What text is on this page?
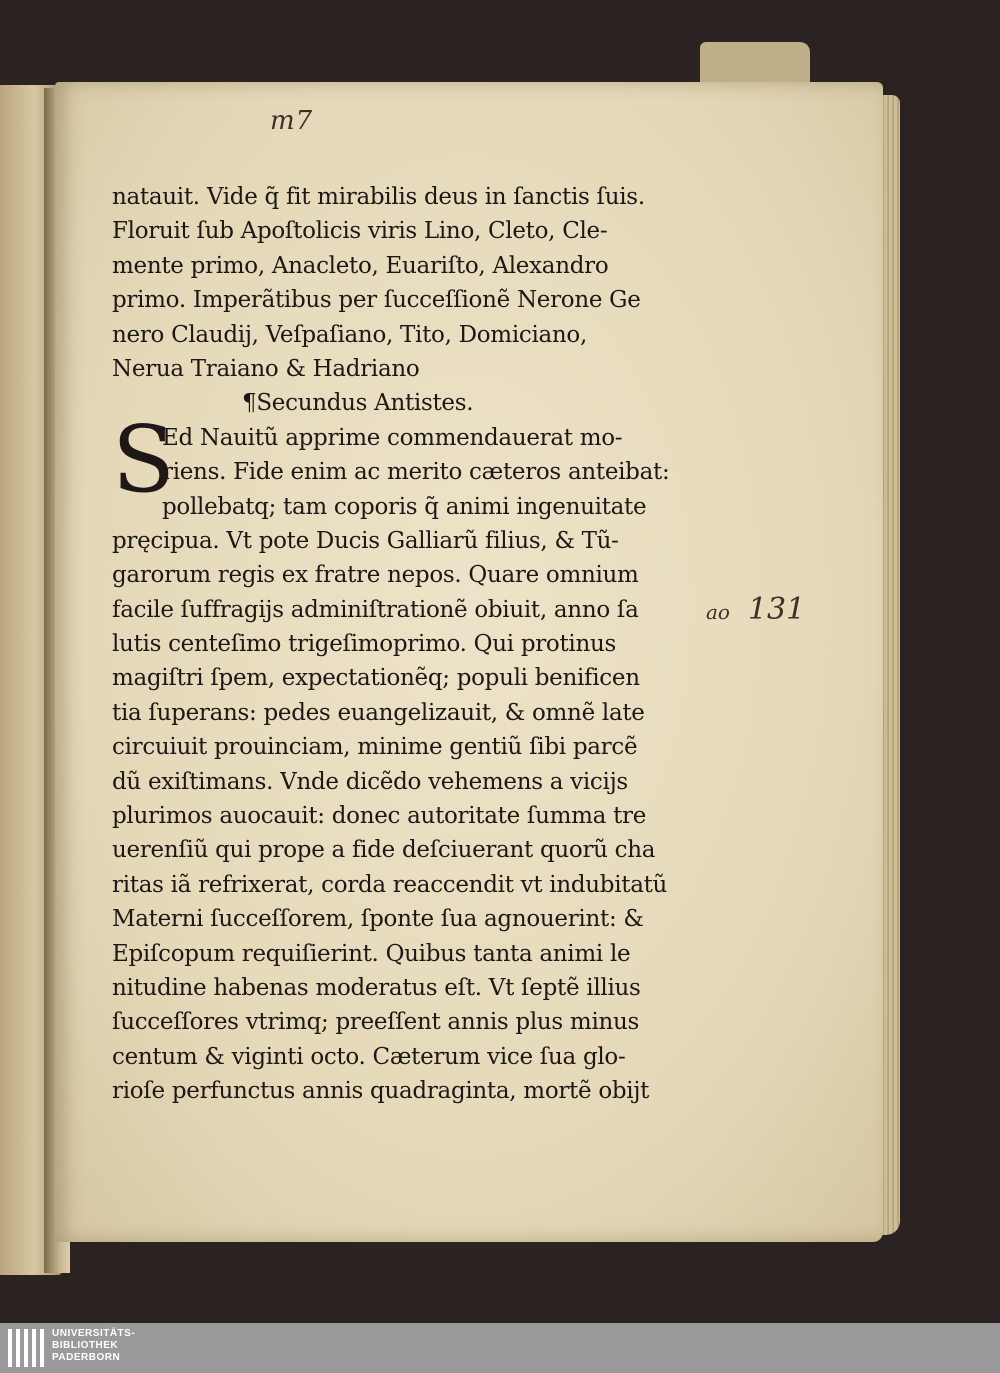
m7
natauit. Vide q̃ fit mirabilis deus in ſanctis ſuis.
Floruit ſub Apoſtolicis viris Lino, Cleto, Cle-
mente primo, Anacleto, Euariſto, Alexandro
primo. Imperãtibus per ſucceſſionẽ Nerone Ge
nero Claudij, Veſpaſiano, Tito, Domiciano,
Nerua Traiano & Hadriano
¶Secundus Antistes.
S
Ed Nauitũ apprime commendauerat mo-
riens. Fide enim ac merito cæteros anteibat:
pollebatq; tam coporis q̃ animi ingenuitate
pręcipua. Vt pote Ducis Galliarũ filius, & Tũ-
garorum regis ex fratre nepos. Quare omnium
facile ſuffragijs adminiſtrationẽ obiuit, anno ſa
lutis centeſimo trigeſimoprimo. Qui protinus
magiſtri ſpem, expectationẽq; populi benificen
tia ſuperans: pedes euangelizauit, & omnẽ late
circuiuit prouinciam, minime gentiũ ſibi parcẽ
dũ exiſtimans. Vnde dicẽdo vehemens a vicijs
plurimos auocauit: donec autoritate ſumma tre
uerenſiũ qui prope a fide deſciuerant quorũ cha
ritas iã refrixerat, corda reaccendit vt indubitatũ
Materni ſucceſſorem, ſponte ſua agnouerint: &
Epiſcopum requiſierint. Quibus tanta animi le
nitudine habenas moderatus eſt. Vt ſeptẽ illius
ſucceſſores vtrimq; preeſſent annis plus minus
centum & viginti octo. Cæterum vice ſua glo-
rioſe perfunctus annis quadraginta, mortẽ obijt
ao 131
UNIVERSITÄTS-
BIBLIOTHEK
PADERBORN
